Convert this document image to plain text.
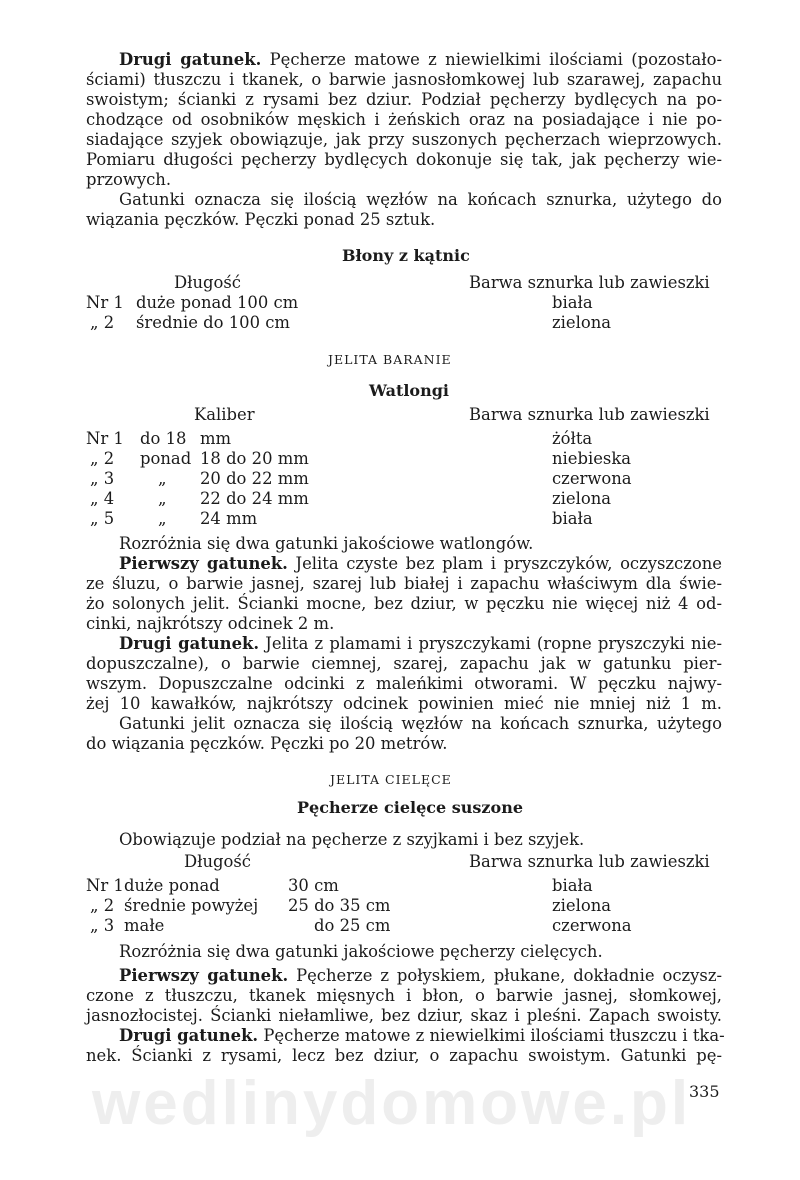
wedlinydomowe.pl
Drugi gatunek. Pęcherze matowe z niewielkimi ilościami (pozostało-
ściami) tłuszczu i tkanek, o barwie jasnosłomkowej lub szarawej, zapachu
swoistym; ścianki z rysami bez dziur. Podział pęcherzy bydlęcych na po-
chodzące od osobników męskich i żeńskich oraz na posiadające i nie po-
siadające szyjek obowiązuje, jak przy suszonych pęcherzach wieprzowych.
Pomiaru długości pęcherzy bydlęcych dokonuje się tak, jak pęcherzy wie-
przowych.
Gatunki oznacza się ilością węzłów na końcach sznurka, użytego do
wiązania pęczków. Pęczki ponad 25 sztuk.
Błony z kątnic
Długość	Barwa sznurka lub zawieszki
Nr 1 duże ponad 100 cm	biała
„ 2 średnie do 100 cm	zielona
JELITA BARANIE
Watlongi
Kaliber	Barwa sznurka lub zawieszki
Nr 1 do 18 mm	żółta
„ 2 ponad 18 do 20 mm	niebieska
„ 3	„ 20 do 22 mm	czerwona
„ 4	„ 22 do 24 mm	zielona
„ 5	„ 24 mm	biała
Rozróżnia się dwa gatunki jakościowe watlongów.
Pierwszy gatunek. Jelita czyste bez plam i pryszczyków, oczyszczone
ze śluzu, o barwie jasnej, szarej lub białej i zapachu właściwym dla świe-
żo solonych jelit. Ścianki mocne, bez dziur, w pęczku nie więcej niż 4 od-
cinki, najkrótszy odcinek 2 m.
Drugi gatunek. Jelita z plamami i pryszczykami (ropne pryszczyki nie-
dopuszczalne), o barwie ciemnej, szarej, zapachu jak w gatunku pier-
wszym. Dopuszczalne odcinki z maleńkimi otworami. W pęczku najwy-
żej 10 kawałków, najkrótszy odcinek powinien mieć nie mniej niż 1 m.
Gatunki jelit oznacza się ilością węzłów na końcach sznurka, użytego
do wiązania pęczków. Pęczki po 20 metrów.
JELITA CIELĘCE
Pęcherze cielęce suszone
Obowiązuje podział na pęcherze z szyjkami i bez szyjek.
Długość	Barwa sznurka lub zawieszki
Nr 1 duże ponad	30 cm	biała
„ 2 średnie powyżej 25 do 35 cm	zielona
„ 3 małe	do 25 cm	czerwona
Rozróżnia się dwa gatunki jakościowe pęcherzy cielęcych.
Pierwszy gatunek. Pęcherze z połyskiem, płukane, dokładnie oczysz-
czone z tłuszczu, tkanek mięsnych i błon, o barwie jasnej, słomkowej,
jasnozłocistej. Ścianki niełamliwe, bez dziur, skaz i pleśni. Zapach swoisty.
Drugi gatunek. Pęcherze matowe z niewielkimi ilościami tłuszczu i tka-
nek. Ścianki z rysami, lecz bez dziur, o zapachu swoistym. Gatunki pę-
335
